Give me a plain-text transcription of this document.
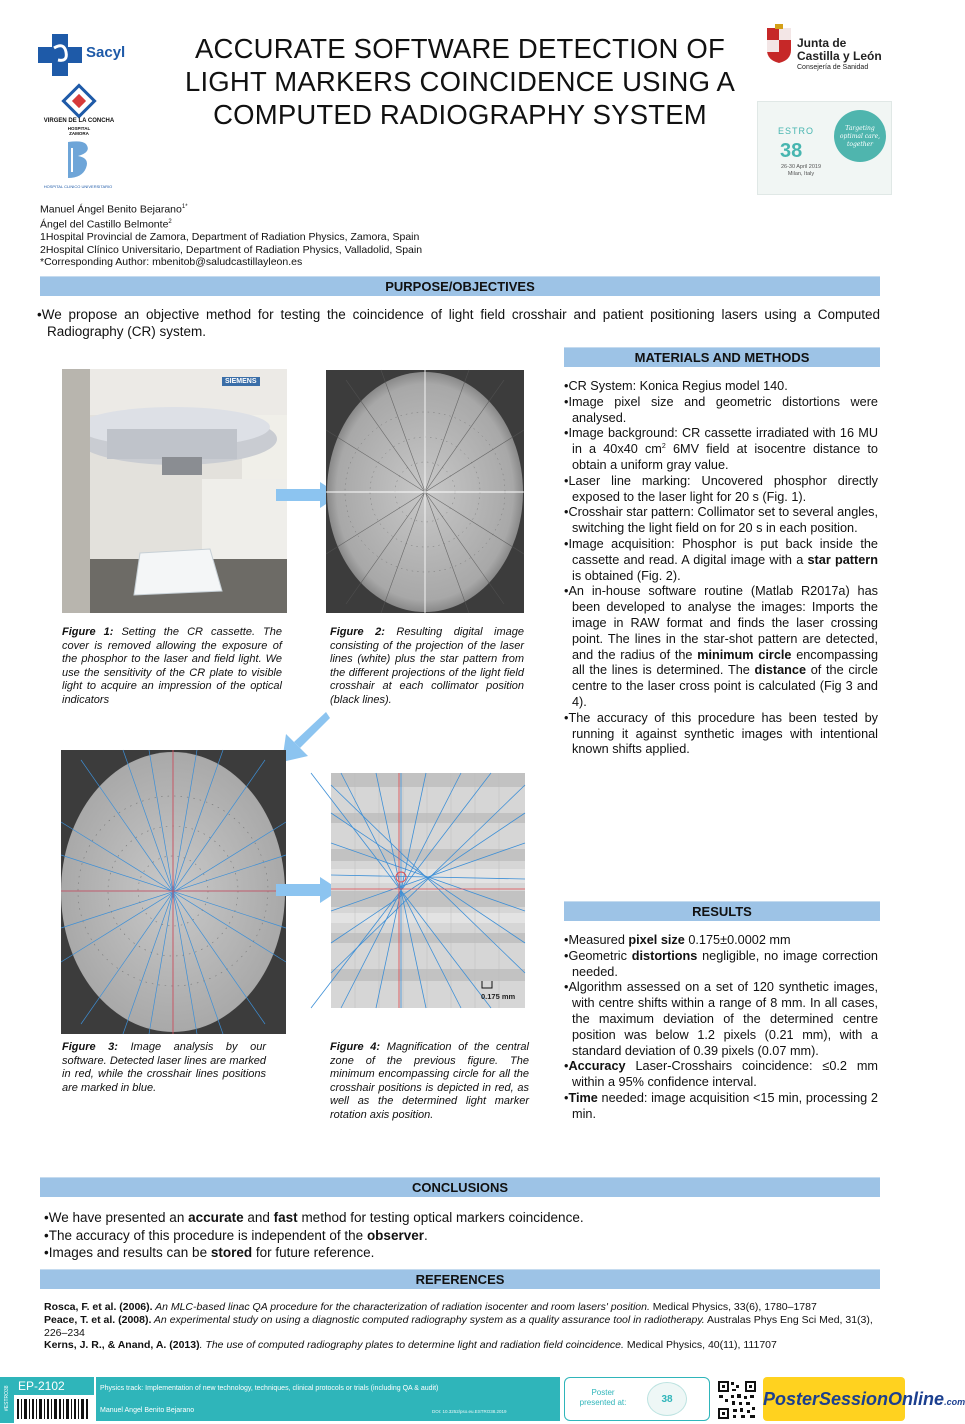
Sacyl
VIRGEN DE LA CONCHA
HOSPITAL
ZAMORA
HOSPITAL CLINICO UNIVERSITARIO
ACCURATE SOFTWARE DETECTION OF LIGHT MARKERS COINCIDENCE USING A COMPUTED RADIOGRAPHY SYSTEM
Junta de
Castilla y León
Consejería de Sanidad
ESTRO
38
26-30 April 2019
Milan, Italy
Targeting optimal care, together
Manuel Ángel Benito Bejarano$^{1*}$
Ángel del Castillo Belmonte$^2$
1Hospital Provincial de Zamora, Department of Radiation Physics, Zamora, Spain
2Hospital Clínico Universitario, Department of Radiation Physics, Valladolid, Spain
*Corresponding Author: mbenitob@saludcastillayleon.es
PURPOSE/OBJECTIVES
•We propose an objective method for testing the coincidence of light field crosshair and patient positioning lasers using a Computed Radiography (CR) system.
SIEMENS
Figure 1: Setting the CR cassette. The cover is removed allowing the exposure of the phosphor to the laser and field light. We use the sensitivity of the CR plate to visible light to acquire an impression of the optical indicators
Figure 2: Resulting digital image consisting of the projection of the laser lines (white) plus the star pattern from the different projections of the light field crosshair at each collimator position (black lines).
0.175 mm
Figure 3: Image analysis by our software. Detected laser lines are marked in red, while the crosshair lines positions are marked in blue.
Figure 4: Magnification of the central zone of the previous figure. The minimum encompassing circle for all the crosshair positions is depicted in red, as well as the determined light marker rotation axis position.
MATERIALS AND METHODS
• CR System: Konica Regius model 140.
• Image pixel size and geometric distortions were analysed.
• Image background: CR cassette irradiated with 16 MU in a 40x40 $cm^2$ 6MV field at isocentre distance to obtain a uniform gray value.
• Laser line marking: Uncovered phosphor directly exposed to the laser light for 20 s (Fig. 1).
• Crosshair star pattern: Collimator set to several angles, switching the light field on for 20 s in each position.
• Image acquisition: Phosphor is put back inside the cassette and read. A digital image with a star pattern is obtained (Fig. 2).
• An in-house software routine (Matlab R2017a) has been developed to analyse the images: Imports the image in RAW format and finds the laser crossing point. The lines in the star-shot pattern are detected, and the radius of the minimum circle encompassing all the lines is determined. The distance of the circle centre to the laser cross point is calculated (Fig 3 and 4).
• The accuracy of this procedure has been tested by running it against synthetic images with intentional known shifts applied.
RESULTS
• Measured pixel size 0.175±0.0002 mm
• Geometric distortions negligible, no image correction needed.
• Algorithm assessed on a set of 120 synthetic images, with centre shifts within a range of 8 mm. In all cases, the maximum deviation of the determined centre position was below 1.2 pixels (0.21 mm), with a standard deviation of 0.39 pixels (0.07 mm).
• Accuracy Laser-Crosshairs coincidence: ≤0.2 mm within a 95% confidence interval.
• Time needed: image acquisition <15 min, processing 2 min.
CONCLUSIONS
• We have presented an accurate and fast method for testing optical markers coincidence.
• The accuracy of this procedure is independent of the observer.
• Images and results can be stored for future reference.
REFERENCES
Rosca, F. et al. (2006). An MLC-based linac QA procedure for the characterization of radiation isocenter and room lasers' position. Medical Physics, 33(6), 1780–1787
Peace, T. et al. (2008). An experimental study on using a diagnostic computed radiography system as a quality assurance tool in radiotherapy. Australas Phys Eng Sci Med, 31(3), 226–234
Kerns, J. R., & Anand, A. (2013). The use of computed radiography plates to determine light and radiation field coincidence. Medical Physics, 40(11), 111707
#ESTRO38 EP-2102	Physics track: Implementation of new technology, techniques, clinical protocols or trials (including QA & audit)
Manuel Angel Benito Bejarano	DOI: 10.3252/pso.eu.ESTRO38.2019
Poster presented at:	38	PosterSessionOnline.com
